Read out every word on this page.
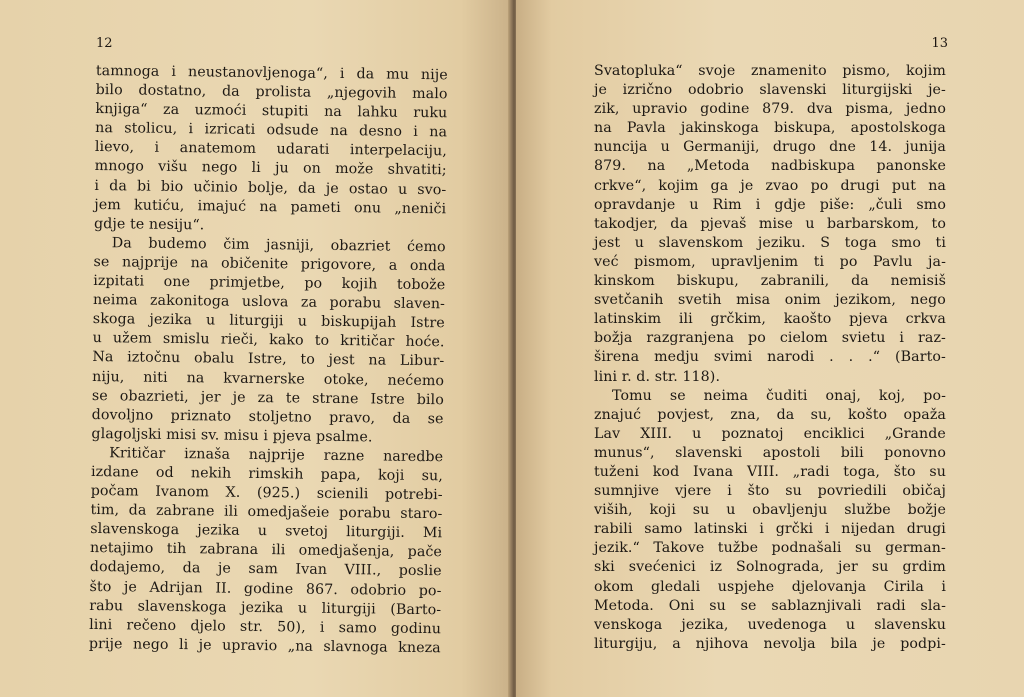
12
tamnoga i neustanovljenoga“, i da mu nije
bilo dostatno, da prolista „njegovih malo
knjiga“ za uzmoći stupiti na lahku ruku
na stolicu, i izricati odsude na desno i na
lievo, i anatemom udarati interpelaciju,
mnogo višu nego li ju on može shvatiti;
i da bi bio učinio bolje, da je ostao u svo-
jem kutiću, imajuć na pameti onu „neniči
gdje te nesiju“.
Da budemo čim jasniji, obazriet ćemo
se najprije na običenite prigovore, a onda
izpitati one primjetbe, po kojih tobože
neima zakonitoga uslova za porabu slaven-
skoga jezika u liturgiji u biskupijah Istre
u užem smislu rieči, kako to kritičar hoće.
Na iztočnu obalu Istre, to jest na Libur-
niju, niti na kvarnerske otoke, nećemo
se obazrieti, jer je za te strane Istre bilo
dovoljno priznato stoljetno pravo, da se
glagoljski misi sv. misu i pjeva psalme.
Kritičar iznaša najprije razne naredbe
izdane od nekih rimskih papa, koji su,
počam Ivanom X. (925.) scienili potrebi-
tim, da zabrane ili omedjašeie porabu staro-
slavenskoga jezika u svetoj liturgiji. Mi
netajimo tih zabrana ili omedjašenja, pače
dodajemo, da je sam Ivan VIII., poslie
što je Adrijan II. godine 867. odobrio po-
rabu slavenskoga jezika u liturgiji (Barto-
lini rečeno djelo str. 50), i samo godinu
prije nego li je upravio „na slavnoga kneza
13
Svatopluka“ svoje znamenito pismo, kojim
je izrično odobrio slavenski liturgijski je-
zik, upravio godine 879. dva pisma, jedno
na Pavla jakinskoga biskupa, apostolskoga
nuncija u Germaniji, drugo dne 14. junija
879. na „Metoda nadbiskupa panonske
crkve“, kojim ga je zvao po drugi put na
opravdanje u Rim i gdje piše: „čuli smo
takodjer, da pjevaš mise u barbarskom, to
jest u slavenskom jeziku. S toga smo ti
već pismom, upravljenim ti po Pavlu ja-
kinskom biskupu, zabranili, da nemisiš
svetčanih svetih misa onim jezikom, nego
latinskim ili grčkim, kaošto pjeva crkva
božja razgranjena po cielom svietu i raz-
širena medju svimi narodi . . .“ (Barto-
lini r. d. str. 118).
Tomu se neima čuditi onaj, koj, po-
znajuć povjest, zna, da su, košto opaža
Lav XIII. u poznatoj enciklici „Grande
munus“, slavenski apostoli bili ponovno
tuženi kod Ivana VIII. „radi toga, što su
sumnjive vjere i što su povriedili običaj
viših, koji su u obavljenju službe božje
rabili samo latinski i grčki i nijedan drugi
jezik.“ Takove tužbe podnašali su german-
ski svećenici iz Solnograda, jer su grdim
okom gledali uspjehe djelovanja Cirila i
Metoda. Oni su se sablaznjivali radi sla-
venskoga jezika, uvedenoga u slavensku
liturgiju, a njihova nevolja bila je podpi-
